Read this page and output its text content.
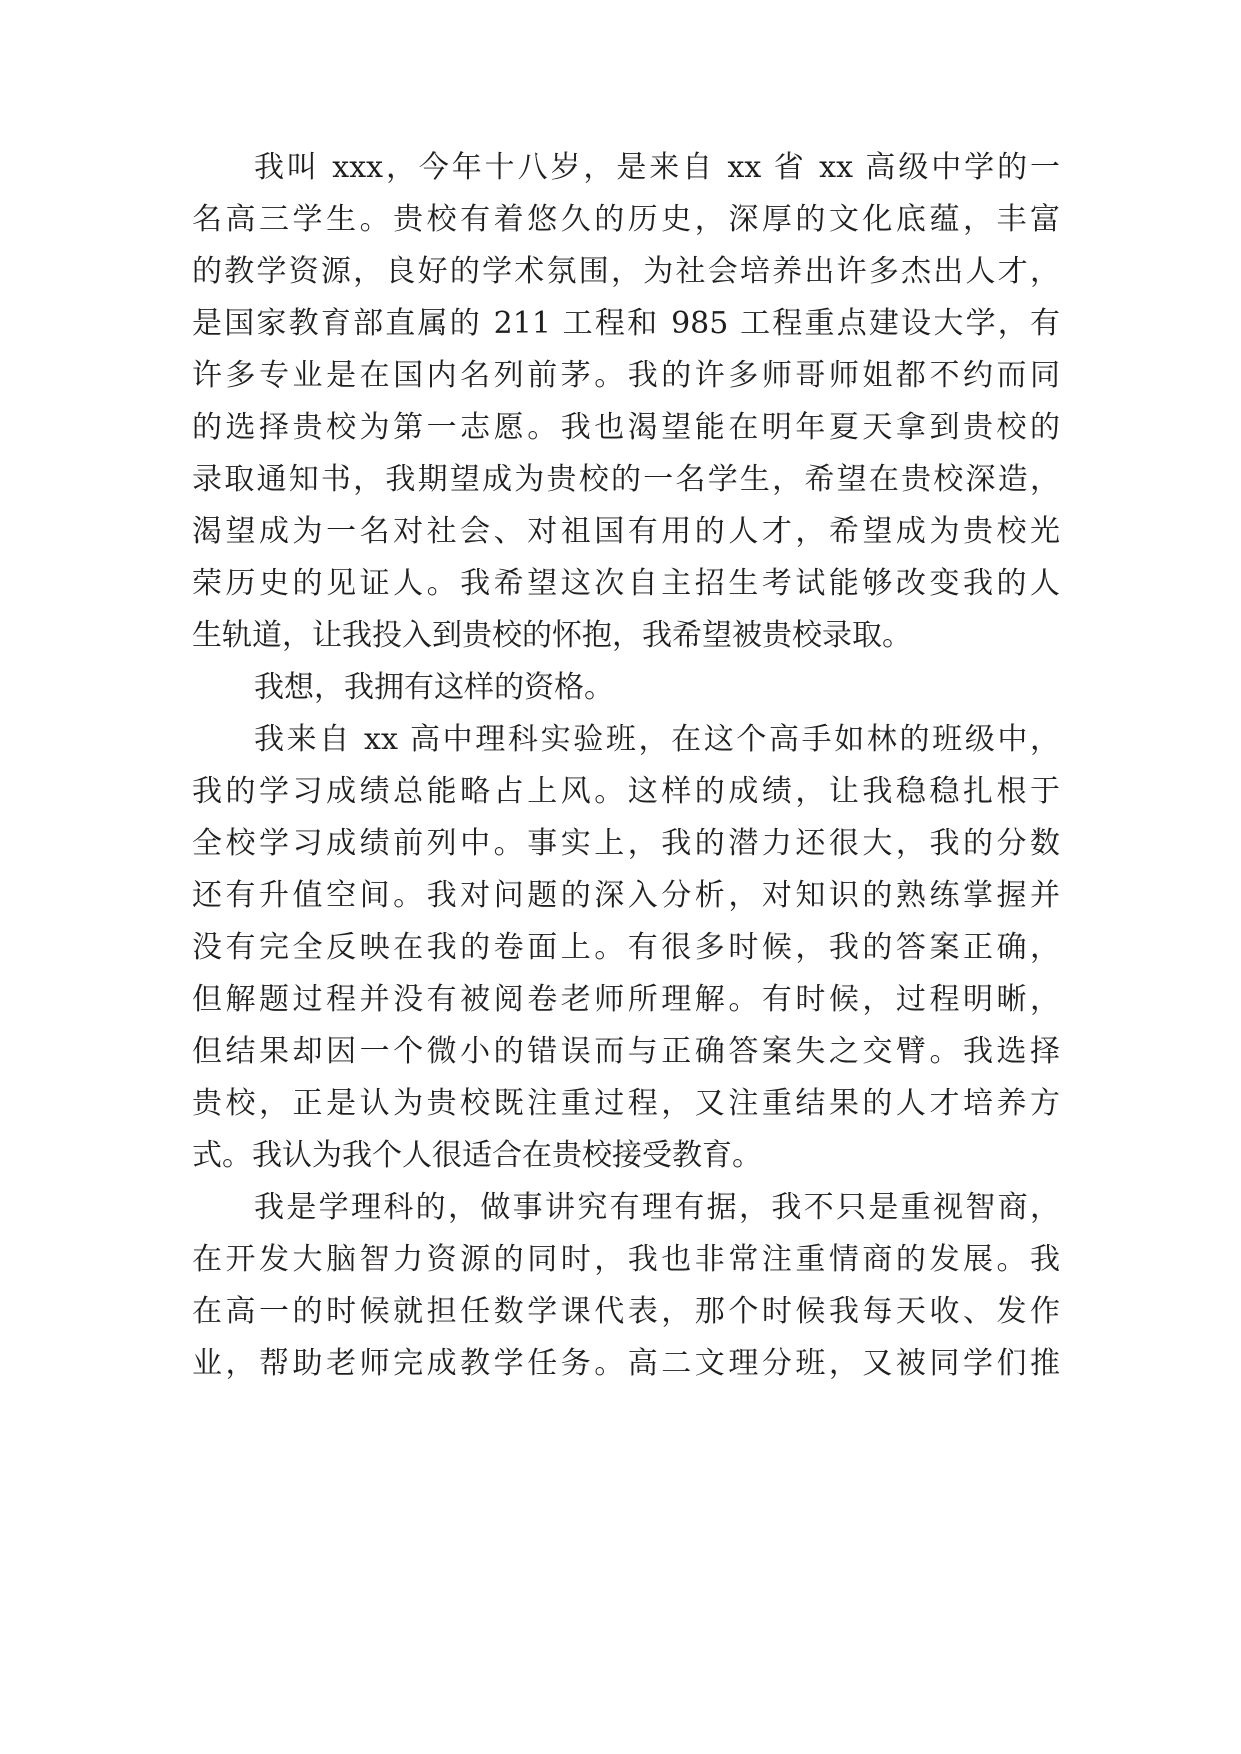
我叫 xxx，今年十八岁，是来自 xx 省 xx 高级中学的一
名高三学生。贵校有着悠久的历史，深厚的文化底蕴，丰富
的教学资源，良好的学术氛围，为社会培养出许多杰出人才，
是国家教育部直属的 211 工程和 985 工程重点建设大学，有
许多专业是在国内名列前茅。我的许多师哥师姐都不约而同
的选择贵校为第一志愿。我也渴望能在明年夏天拿到贵校的
录取通知书，我期望成为贵校的一名学生，希望在贵校深造，
渴望成为一名对社会、对祖国有用的人才，希望成为贵校光
荣历史的见证人。我希望这次自主招生考试能够改变我的人
生轨道，让我投入到贵校的怀抱，我希望被贵校录取。
我想，我拥有这样的资格。
我来自 xx 高中理科实验班，在这个高手如林的班级中，
我的学习成绩总能略占上风。这样的成绩，让我稳稳扎根于
全校学习成绩前列中。事实上，我的潜力还很大，我的分数
还有升值空间。我对问题的深入分析，对知识的熟练掌握并
没有完全反映在我的卷面上。有很多时候，我的答案正确，
但解题过程并没有被阅卷老师所理解。有时候，过程明晰，
但结果却因一个微小的错误而与正确答案失之交臂。我选择
贵校，正是认为贵校既注重过程，又注重结果的人才培养方
式。我认为我个人很适合在贵校接受教育。
我是学理科的，做事讲究有理有据，我不只是重视智商，
在开发大脑智力资源的同时，我也非常注重情商的发展。我
在高一的时候就担任数学课代表，那个时候我每天收、发作
业，帮助老师完成教学任务。高二文理分班，又被同学们推
